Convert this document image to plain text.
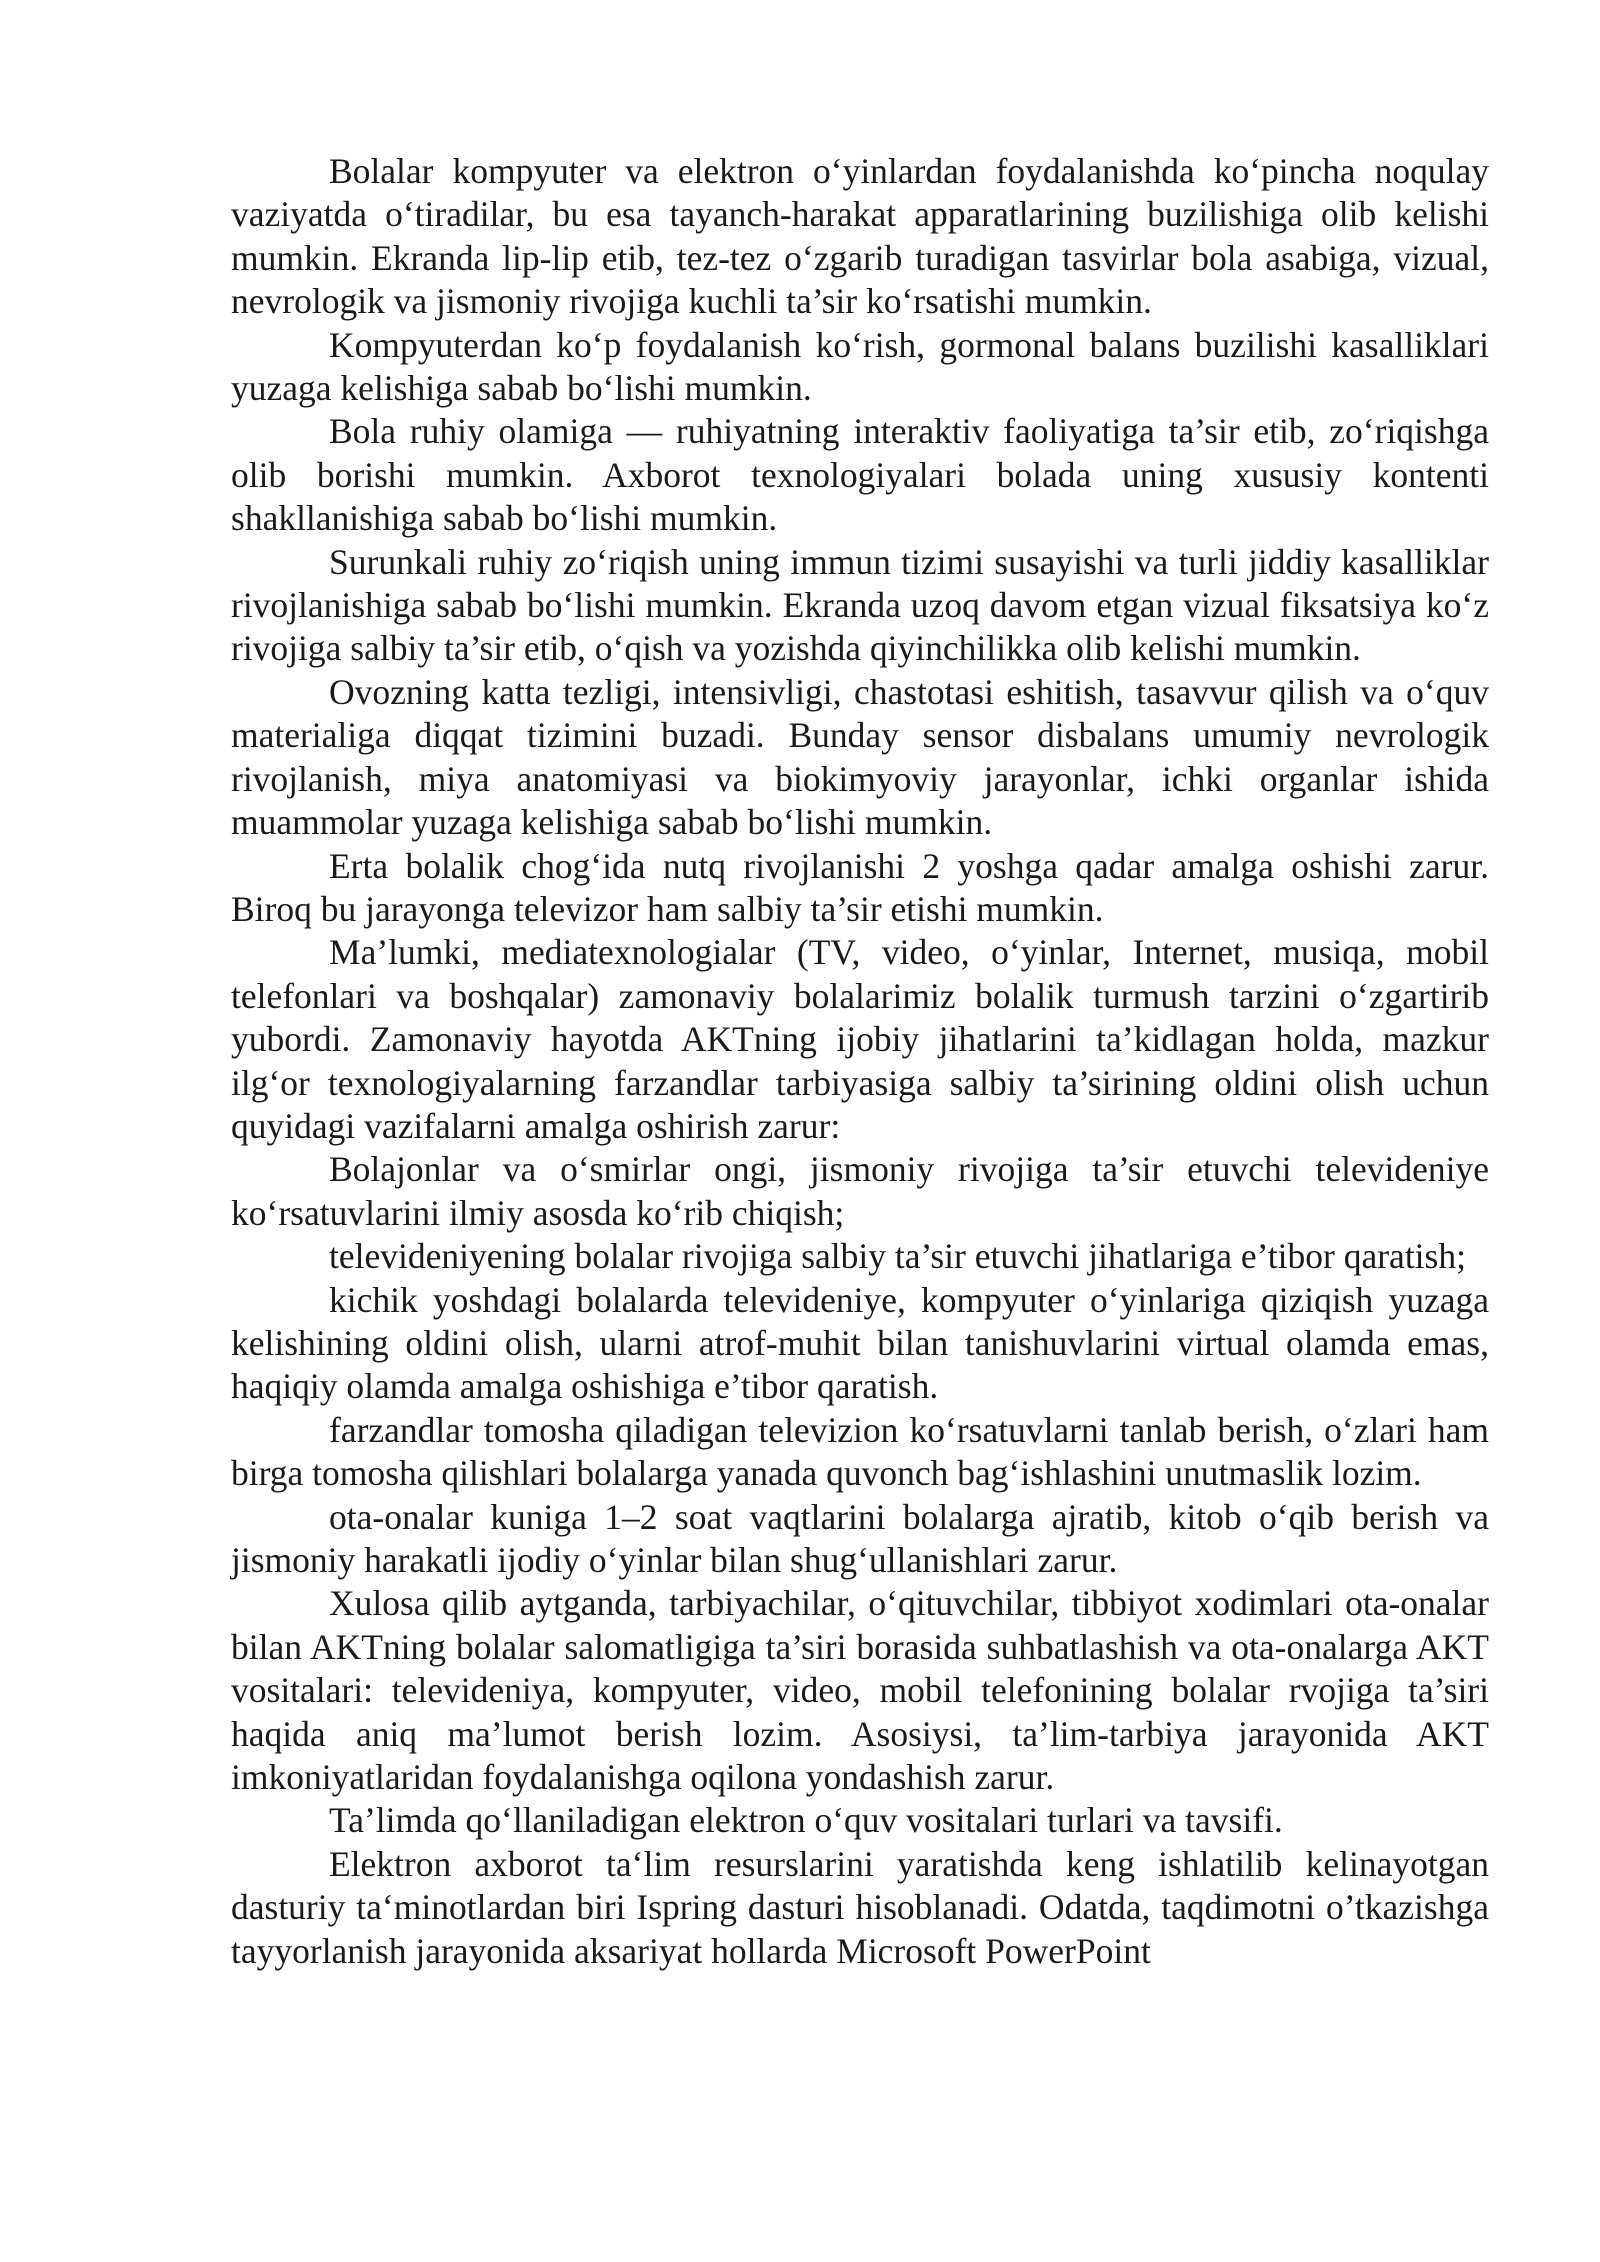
Bolalar kompyuter va elektron o‘yinlardan foydalanishda ko‘pincha noqulay vaziyatda o‘tiradilar, bu esa tayanch-harakat apparatlarining buzilishiga olib kelishi mumkin. Ekranda lip-lip etib, tez-tez o‘zgarib turadigan tasvirlar bola asabiga, vizual, nevrologik va jismoniy rivojiga kuchli ta’sir ko‘rsatishi mumkin.

Kompyuterdan ko‘p foydalanish ko‘rish, gormonal balans buzilishi kasalliklari yuzaga kelishiga sabab bo‘lishi mumkin.

Bola ruhiy olamiga — ruhiyatning interaktiv faoliyatiga ta’sir etib, zo‘riqishga olib borishi mumkin. Axborot texnologiyalari bolada uning xususiy kontenti shakllanishiga sabab bo‘lishi mumkin.

Surunkali ruhiy zo‘riqish uning immun tizimi susayishi va turli jiddiy kasalliklar rivojlanishiga sabab bo‘lishi mumkin. Ekranda uzoq davom etgan vizual fiksatsiya ko‘z rivojiga salbiy ta’sir etib, o‘qish va yozishda qiyinchilikka olib kelishi mumkin.

Ovozning katta tezligi, intensivligi, chastotasi eshitish, tasavvur qilish va o‘quv materialiga diqqat tizimini buzadi. Bunday sensor disbalans umumiy nevrologik rivojlanish, miya anatomiyasi va biokimyoviy jarayonlar, ichki organlar ishida muammolar yuzaga kelishiga sabab bo‘lishi mumkin.

Erta bolalik chog‘ida nutq rivojlanishi 2 yoshga qadar amalga oshishi zarur. Biroq bu jarayonga televizor ham salbiy ta’sir etishi mumkin.

Ma’lumki, mediatexnologialar (TV, video, o‘yinlar, Internet, musiqa, mobil telefonlari va boshqalar) zamonaviy bolalarimiz bolalik turmush tarzini o‘zgartirib yubordi. Zamonaviy hayotda AKTning ijobiy jihatlarini ta’kidlagan holda, mazkur ilg‘or texnologiyalarning farzandlar tarbiyasiga salbiy ta’sirining oldini olish uchun quyidagi vazifalarni amalga oshirish zarur:

Bolajonlar va o‘smirlar ongi, jismoniy rivojiga ta’sir etuvchi televideniye ko‘rsatuvlarini ilmiy asosda ko‘rib chiqish;

televideniyening bolalar rivojiga salbiy ta’sir etuvchi jihatlariga e’tibor qaratish;

kichik yoshdagi bolalarda televideniye, kompyuter o‘yinlariga qiziqish yuzaga kelishining oldini olish, ularni atrof-muhit bilan tanishuvlarini virtual olamda emas, haqiqiy olamda amalga oshishiga e’tibor qaratish.

farzandlar tomosha qiladigan televizion ko‘rsatuvlarni tanlab berish, o‘zlari ham birga tomosha qilishlari bolalarga yanada quvonch bag‘ishlashini unutmaslik lozim.

ota-onalar kuniga 1–2 soat vaqtlarini bolalarga ajratib, kitob o‘qib berish va jismoniy harakatli ijodiy o‘yinlar bilan shug‘ullanishlari zarur.

Xulosa qilib aytganda, tarbiyachilar, o‘qituvchilar, tibbiyot xodimlari ota-onalar bilan AKTning bolalar salomatligiga ta’siri borasida suhbatlashish va ota-onalarga AKT vositalari: televideniya, kompyuter, video, mobil telefonining bolalar rvojiga ta’siri haqida aniq ma’lumot berish lozim. Asosiysi, ta’lim-tarbiya jarayonida AKT imkoniyatlaridan foydalanishga oqilona yondashish zarur.

Ta’limda qo‘llaniladigan elektron o‘quv vositalari turlari va tavsifi.

Elektron axborot ta‘lim resurslarini yaratishda keng ishlatilib kelinayotgan dasturiy ta‘minotlardan biri Ispring dasturi hisoblanadi. Odatda, taqdimotni o’tkazishga tayyorlanish jarayonida aksariyat hollarda Microsoft PowerPoint
